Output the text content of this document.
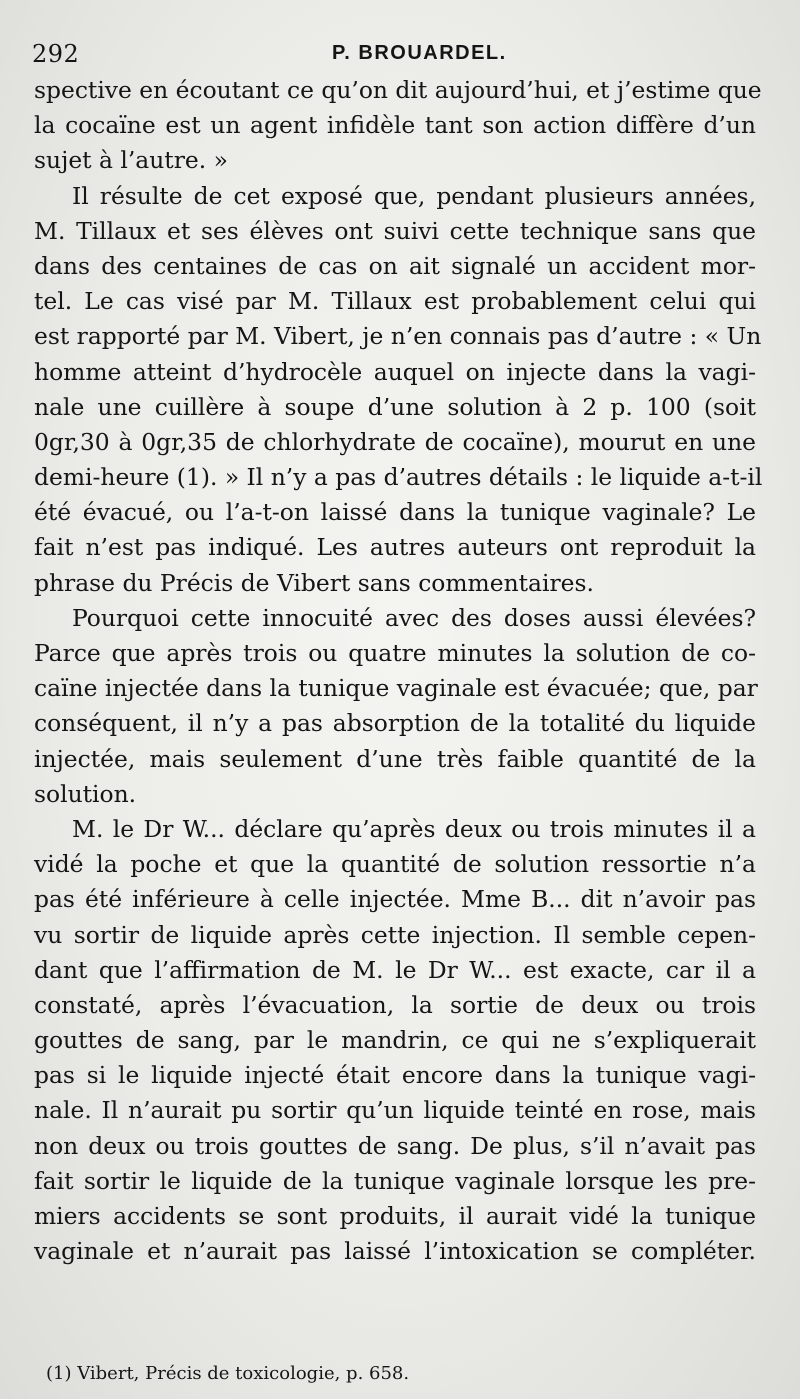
292	P. BROUARDEL.
spective en écoutant ce qu’on dit aujourd’hui, et j’estime que
la cocaïne est un agent infidèle tant son action diffère d’un
sujet à l’autre. »
Il résulte de cet exposé que, pendant plusieurs années,
M. Tillaux et ses élèves ont suivi cette technique sans que
dans des centaines de cas on ait signalé un accident mor-
tel. Le cas visé par M. Tillaux est probablement celui qui
est rapporté par M. Vibert, je n’en connais pas d’autre : « Un
homme atteint d’hydrocèle auquel on injecte dans la vagi-
nale une cuillère à soupe d’une solution à 2 p. 100 (soit
0gr,30 à 0gr,35 de chlorhydrate de cocaïne), mourut en une
demi-heure (1). » Il n’y a pas d’autres détails : le liquide a-t-il
été évacué, ou l’a-t-on laissé dans la tunique vaginale? Le
fait n’est pas indiqué. Les autres auteurs ont reproduit la
phrase du Précis de Vibert sans commentaires.
Pourquoi cette innocuité avec des doses aussi élevées?
Parce que après trois ou quatre minutes la solution de co-
caïne injectée dans la tunique vaginale est évacuée; que, par
conséquent, il n’y a pas absorption de la totalité du liquide
injectée, mais seulement d’une très faible quantité de la
solution.
M. le Dr W... déclare qu’après deux ou trois minutes il a
vidé la poche et que la quantité de solution ressortie n’a
pas été inférieure à celle injectée. Mme B... dit n’avoir pas
vu sortir de liquide après cette injection. Il semble cepen-
dant que l’affirmation de M. le Dr W... est exacte, car il a
constaté, après l’évacuation, la sortie de deux ou trois
gouttes de sang, par le mandrin, ce qui ne s’expliquerait
pas si le liquide injecté était encore dans la tunique vagi-
nale. Il n’aurait pu sortir qu’un liquide teinté en rose, mais
non deux ou trois gouttes de sang. De plus, s’il n’avait pas
fait sortir le liquide de la tunique vaginale lorsque les pre-
miers accidents se sont produits, il aurait vidé la tunique
vaginale et n’aurait pas laissé l’intoxication se compléter.
(1) Vibert, Précis de toxicologie, p. 658.
